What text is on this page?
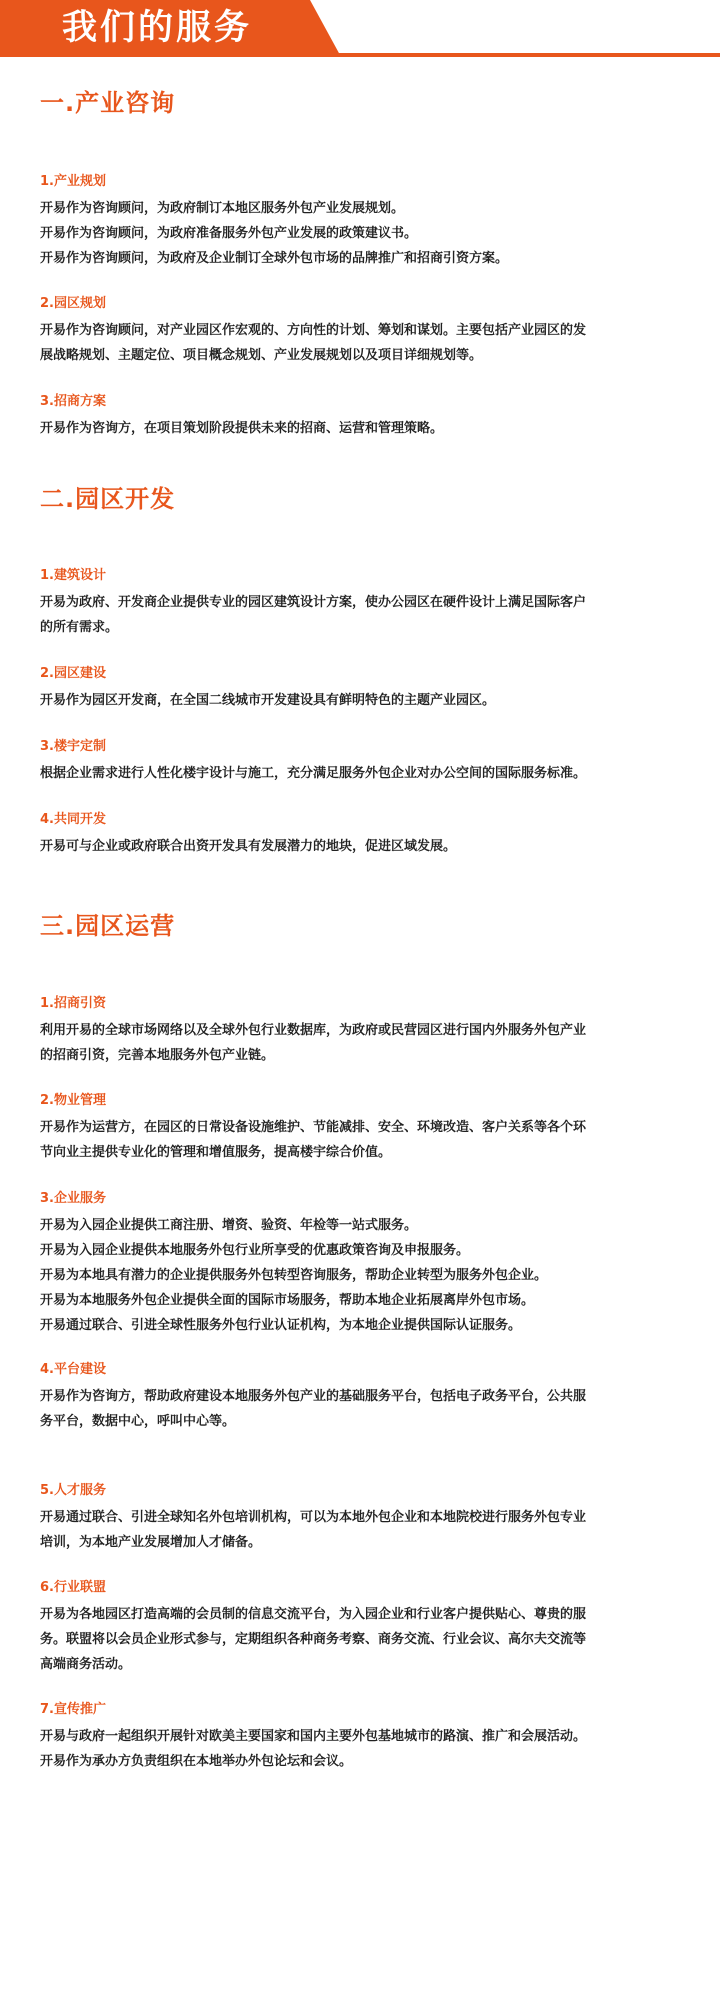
我们的服务
一.产业咨询
1.产业规划

开易作为咨询顾问，为政府制订本地区服务外包产业发展规划。

开易作为咨询顾问，为政府准备服务外包产业发展的政策建议书。

开易作为咨询顾问，为政府及企业制订全球外包市场的品牌推广和招商引资方案。

2.园区规划

开易作为咨询顾问，对产业园区作宏观的、方向性的计划、筹划和谋划。主要包括产业园区的发

展战略规划、主题定位、项目概念规划、产业发展规划以及项目详细规划等。

3.招商方案

开易作为咨询方，在项目策划阶段提供未来的招商、运营和管理策略。

二.园区开发
1.建筑设计

开易为政府、开发商企业提供专业的园区建筑设计方案，使办公园区在硬件设计上满足国际客户

的所有需求。

2.园区建设

开易作为园区开发商，在全国二线城市开发建设具有鲜明特色的主题产业园区。

3.楼宇定制

根据企业需求进行人性化楼宇设计与施工，充分满足服务外包企业对办公空间的国际服务标准。

4.共同开发

开易可与企业或政府联合出资开发具有发展潜力的地块，促进区域发展。

三.园区运营
1.招商引资

利用开易的全球市场网络以及全球外包行业数据库，为政府或民营园区进行国内外服务外包产业

的招商引资，完善本地服务外包产业链。

2.物业管理

开易作为运营方，在园区的日常设备设施维护、节能减排、安全、环境改造、客户关系等各个环

节向业主提供专业化的管理和增值服务，提高楼宇综合价值。

3.企业服务

开易为入园企业提供工商注册、增资、验资、年检等一站式服务。

开易为入园企业提供本地服务外包行业所享受的优惠政策咨询及申报服务。

开易为本地具有潜力的企业提供服务外包转型咨询服务，帮助企业转型为服务外包企业。

开易为本地服务外包企业提供全面的国际市场服务，帮助本地企业拓展离岸外包市场。

开易通过联合、引进全球性服务外包行业认证机构，为本地企业提供国际认证服务。

4.平台建设

开易作为咨询方，帮助政府建设本地服务外包产业的基础服务平台，包括电子政务平台，公共服

务平台，数据中心，呼叫中心等。

5.人才服务

开易通过联合、引进全球知名外包培训机构，可以为本地外包企业和本地院校进行服务外包专业

培训，为本地产业发展增加人才储备。

6.行业联盟

开易为各地园区打造高端的会员制的信息交流平台，为入园企业和行业客户提供贴心、尊贵的服

务。联盟将以会员企业形式参与，定期组织各种商务考察、商务交流、行业会议、高尔夫交流等

高端商务活动。

7.宣传推广

开易与政府一起组织开展针对欧美主要国家和国内主要外包基地城市的路演、推广和会展活动。

开易作为承办方负责组织在本地举办外包论坛和会议。
